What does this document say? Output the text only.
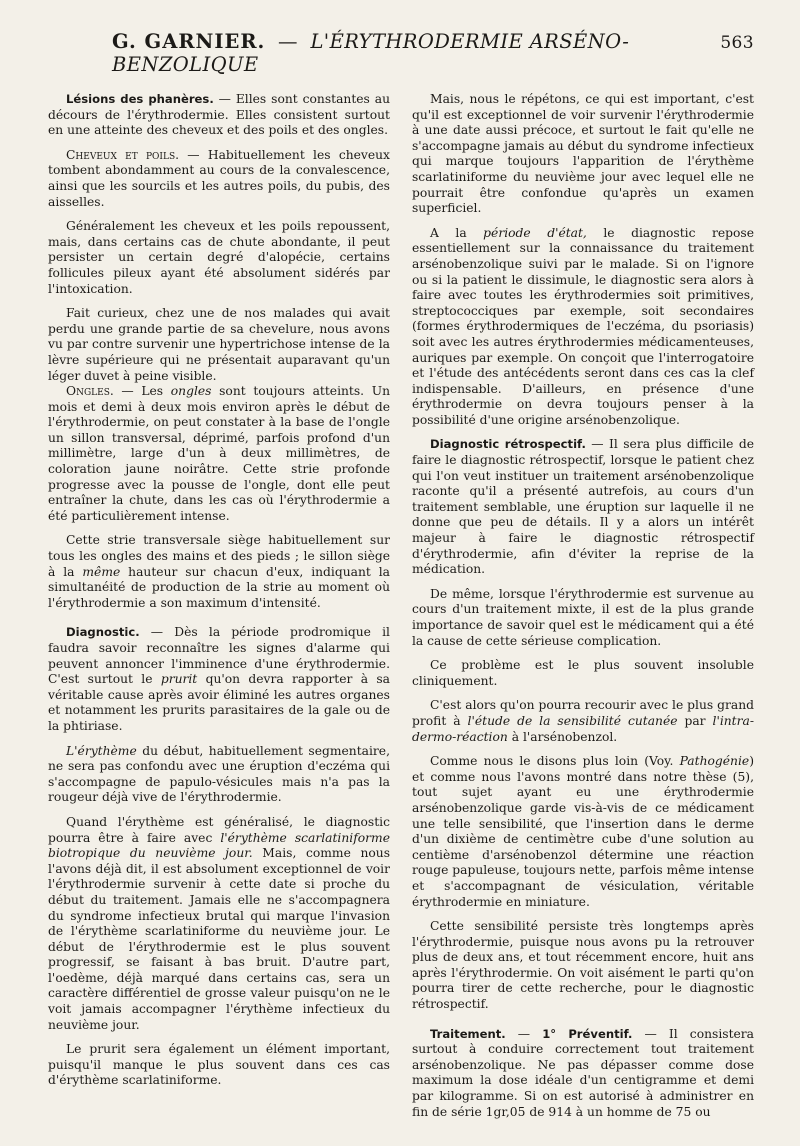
G. GARNIER. — L'ÉRYTHRODERMIE ARSÉNO-BENZOLIQUE
563

Lésions des phanères. — Elles sont constantes au décours de l'érythrodermie. Elles consistent surtout en une atteinte des cheveux et des poils et des ongles.

Cheveux et poils. — Habituellement les cheveux tombent abondamment au cours de la convalescence, ainsi que les sourcils et les autres poils, du pubis, des aisselles.

Généralement les cheveux et les poils repoussent, mais, dans certains cas de chute abondante, il peut persister un certain degré d'alopécie, certains follicules pileux ayant été absolument sidérés par l'intoxication.

Fait curieux, chez une de nos malades qui avait perdu une grande partie de sa chevelure, nous avons vu par contre survenir une hypertrichose intense de la lèvre supérieure qui ne présentait auparavant qu'un léger duvet à peine visible.

Ongles. — Les ongles sont toujours atteints. Un mois et demi à deux mois environ après le début de l'érythrodermie, on peut constater à la base de l'ongle un sillon transversal, déprimé, parfois profond d'un millimètre, large d'un à deux millimètres, de coloration jaune noirâtre. Cette strie profonde progresse avec la pousse de l'ongle, dont elle peut entraîner la chute, dans les cas où l'érythrodermie a été particulièrement intense.

Cette strie transversale siège habituellement sur tous les ongles des mains et des pieds ; le sillon siège à la même hauteur sur chacun d'eux, indiquant la simultanéité de production de la strie au moment où l'érythrodermie a son maximum d'intensité.

Diagnostic. — Dès la période prodromique il faudra savoir reconnaître les signes d'alarme qui peuvent annoncer l'imminence d'une érythrodermie. C'est surtout le prurit qu'on devra rapporter à sa véritable cause après avoir éliminé les autres organes et notamment les prurits parasitaires de la gale ou de la phtiriase.

L'érythème du début, habituellement segmentaire, ne sera pas confondu avec une éruption d'eczéma qui s'accompagne de papulo-vésicules mais n'a pas la rougeur déjà vive de l'érythrodermie.

Quand l'érythème est généralisé, le diagnostic pourra être à faire avec l'érythème scarlatiniforme biotropique du neuvième jour. Mais, comme nous l'avons déjà dit, il est absolument exceptionnel de voir l'érythrodermie survenir à cette date si proche du début du traitement. Jamais elle ne s'accompagnera du syndrome infectieux brutal qui marque l'invasion de l'érythème scarlatiniforme du neuvième jour. Le début de l'érythrodermie est le plus souvent progressif, se faisant à bas bruit. D'autre part, l'oedème, déjà marqué dans certains cas, sera un caractère différentiel de grosse valeur puisqu'on ne le voit jamais accompagner l'érythème infectieux du neuvième jour.

Le prurit sera également un élément important, puisqu'il manque le plus souvent dans ces cas d'érythème scarlatiniforme.

Mais, nous le répétons, ce qui est important, c'est qu'il est exceptionnel de voir survenir l'érythrodermie à une date aussi précoce, et surtout le fait qu'elle ne s'accompagne jamais au début du syndrome infectieux qui marque toujours l'apparition de l'érythème scarlatiniforme du neuvième jour avec lequel elle ne pourrait être confondue qu'après un examen superficiel.

A la période d'état, le diagnostic repose essentiellement sur la connaissance du traitement arsénobenzolique suivi par le malade. Si on l'ignore ou si la patient le dissimule, le diagnostic sera alors à faire avec toutes les érythrodermies soit primitives, streptococciques par exemple, soit secondaires (formes érythrodermiques de l'eczéma, du psoriasis) soit avec les autres érythrodermies médicamenteuses, auriques par exemple. On conçoit que l'interrogatoire et l'étude des antécédents seront dans ces cas la clef indispensable. D'ailleurs, en présence d'une érythrodermie on devra toujours penser à la possibilité d'une origine arsénobenzolique.

Diagnostic rétrospectif. — Il sera plus difficile de faire le diagnostic rétrospectif, lorsque le patient chez qui l'on veut instituer un traitement arsénobenzolique raconte qu'il a présenté autrefois, au cours d'un traitement semblable, une éruption sur laquelle il ne donne que peu de détails. Il y a alors un intérêt majeur à faire le diagnostic rétrospectif d'érythrodermie, afin d'éviter la reprise de la médication.

De même, lorsque l'érythrodermie est survenue au cours d'un traitement mixte, il est de la plus grande importance de savoir quel est le médicament qui a été la cause de cette sérieuse complication.

Ce problème est le plus souvent insoluble cliniquement.

C'est alors qu'on pourra recourir avec le plus grand profit à l'étude de la sensibilité cutanée par l'intra-dermo-réaction à l'arsénobenzol.

Comme nous le disons plus loin (Voy. Pathogénie) et comme nous l'avons montré dans notre thèse (5), tout sujet ayant eu une érythrodermie arsénobenzolique garde vis-à-vis de ce médicament une telle sensibilité, que l'insertion dans le derme d'un dixième de centimètre cube d'une solution au centième d'arsénobenzol détermine une réaction rouge papuleuse, toujours nette, parfois même intense et s'accompagnant de vésiculation, véritable érythrodermie en miniature.

Cette sensibilité persiste très longtemps après l'érythrodermie, puisque nous avons pu la retrouver plus de deux ans, et tout récemment encore, huit ans après l'érythrodermie. On voit aisément le parti qu'on pourra tirer de cette recherche, pour le diagnostic rétrospectif.

Traitement. — 1° Préventif. — Il consistera surtout à conduire correctement tout traitement arsénobenzolique. Ne pas dépasser comme dose maximum la dose idéale d'un centigramme et demi par kilogramme. Si on est autorisé à administrer en fin de série 1gr,05 de 914 à un homme de 75 ou
